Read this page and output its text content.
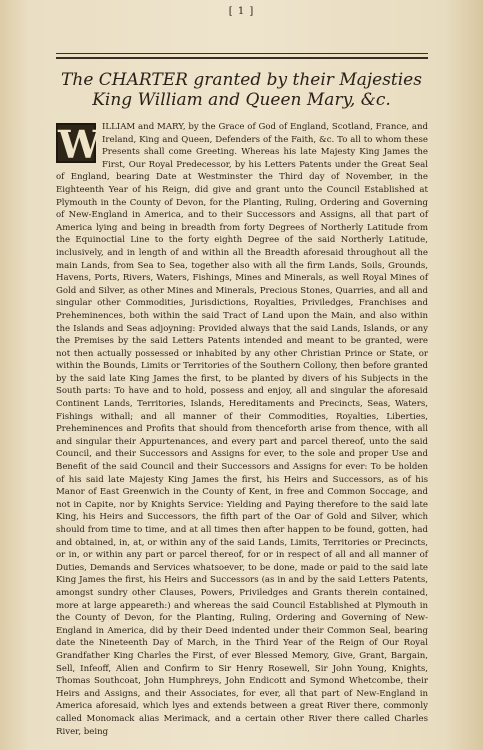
[ 1 ]
The CHARTER granted by their Majesties
King William and Queen Mary, &c.
W ILLIAM and MARY, by the Grace of God of England, Scotland, France, and Ireland, King and Queen, Defenders of the Faith, &c. To all to whom these Presents shall come Greeting. Whereas his late Majesty King James the First, Our Royal Predecessor, by his Letters Patents under the Great Seal of England, bearing Date at Westminster the Third day of November, in the Eighteenth Year of his Reign, did give and grant unto the Council Established at Plymouth in the County of Devon, for the Planting, Ruling, Ordering and Governing of New-England in America, and to their Successors and Assigns, all that part of America lying and being in breadth from forty Degrees of Northerly Latitude from the Equinoctial Line to the forty eighth Degree of the said Northerly Latitude, inclusively, and in length of and within all the Breadth aforesaid throughout all the main Lands, from Sea to Sea, together also with all the firm Lands, Soils, Grounds, Havens, Ports, Rivers, Waters, Fishings, Mines and Minerals, as well Royal Mines of Gold and Silver, as other Mines and Minerals, Precious Stones, Quarries, and all and singular other Commodities, Jurisdictions, Royalties, Priviledges, Franchises and Preheminences, both within the said Tract of Land upon the Main, and also within the Islands and Seas adjoyning: Provided always that the said Lands, Islands, or any the Premises by the said Letters Patents intended and meant to be granted, were not then actually possessed or inhabited by any other Christian Prince or State, or within the Bounds, Limits or Territories of the Southern Collony, then before granted by the said late King James the first, to be planted by divers of his Subjects in the South parts: To have and to hold, possess and enjoy, all and singular the aforesaid Continent Lands, Territories, Islands, Hereditaments and Precincts, Seas, Waters, Fishings withall; and all manner of their Commodities, Royalties, Liberties, Preheminences and Profits that should from thenceforth arise from thence, with all and singular their Appurtenances, and every part and parcel thereof, unto the said Council, and their Successors and Assigns for ever, to the sole and proper Use and Benefit of the said Council and their Successors and Assigns for ever: To be holden of his said late Majesty King James the first, his Heirs and Successors, as of his Manor of East Greenwich in the County of Kent, in free and Common Soccage, and not in Capite, nor by Knights Service: Yielding and Paying therefore to the said late King, his Heirs and Successors, the fifth part of the Oar of Gold and Silver, which should from time to time, and at all times then after happen to be found, gotten, had and obtained, in, at, or within any of the said Lands, Limits, Territories or Precincts, or in, or within any part or parcel thereof, for or in respect of all and all manner of Duties, Demands and Services whatsoever, to be done, made or paid to the said late King James the first, his Heirs and Successors (as in and by the said Letters Patents, amongst sundry other Clauses, Powers, Priviledges and Grants therein contained, more at large appeareth:) and whereas the said Council Established at Plymouth in the County of Devon, for the Planting, Ruling, Ordering and Governing of New-England in America, did by their Deed indented under their Common Seal, bearing date the Nineteenth Day of March, in the Third Year of the Reign of Our Royal Grandfather King Charles the First, of ever Blessed Memory, Give, Grant, Bargain, Sell, Infeoff, Alien and Confirm to Sir Henry Rosewell, Sir John Young, Knights, Thomas Southcoat, John Humphreys, John Endicott and Symond Whetcombe, their Heirs and Assigns, and their Associates, for ever, all that part of New-England in America aforesaid, which lyes and extends between a great River there, commonly called Monomack alias Merimack, and a certain other River there called Charles River, being
